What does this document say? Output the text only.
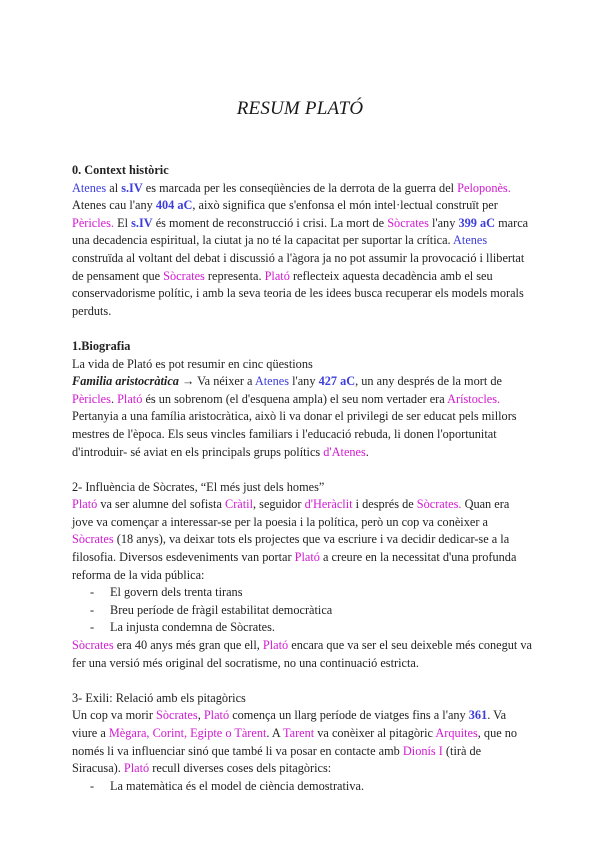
RESUM PLATÓ

0. Context històric

Atenes al s.IV es marcada per les conseqüències de la derrota de la guerra del Peloponès. Atenes cau l'any 404 aC, això significa que s'enfonsa el món intel·lectual construït per Pèricles. El s.IV és moment de reconstrucció i crisi. La mort de Sòcrates l'any 399 aC marca una decadencia espiritual, la ciutat ja no té la capacitat per suportar la crítica. Atenes construïda al voltant del debat i discussió a l'àgora ja no pot assumir la provocació i llibertat de pensament que Sòcrates representa. Plató reflecteix aquesta decadència amb el seu conservadorisme polític, i amb la seva teoria de les idees busca recuperar els models morals perduts.

1.Biografia

La vida de Plató es pot resumir en cinc qüestions

Familia aristocràtica → Va néixer a Atenes l'any 427 aC, un any després de la mort de Pèricles. Plató és un sobrenom (el d'esquena ampla) el seu nom vertader era Arístocles. Pertanyia a una família aristocràtica, això li va donar el privilegi de ser educat pels millors mestres de l'època. Els seus vincles familiars i l'educació rebuda, li donen l'oportunitat d'introduir- sé aviat en els principals grups polítics d'Atenes.

2- Influència de Sòcrates, “El més just dels homes”

Plató va ser alumne del sofista Cràtil, seguidor d'Heràclit i després de Sòcrates. Quan era jove va començar a interessar-se per la poesia i la política, però un cop va conèixer a Sòcrates (18 anys), va deixar tots els projectes que va escriure i va decidir dedicar-se a la filosofia. Diversos esdeveniments van portar Plató a creure en la necessitat d'una profunda reforma de la vida pública:

- El govern dels trenta tirans
- Breu període de fràgil estabilitat democràtica
- La injusta condemna de Sòcrates.

Sòcrates era 40 anys més gran que ell, Plató encara que va ser el seu deixeble més conegut va fer una versió més original del socratisme, no una continuació estricta.

3- Exili: Relació amb els pitagòrics

Un cop va morir Sòcrates, Plató comença un llarg període de viatges fins a l'any 361. Va viure a Mègara, Corint, Egipte o Tàrent. A Tarent va conèixer al pitagòric Arquites, que no només li va influenciar sinó que també li va posar en contacte amb Dionís I (tirà de Siracusa). Plató recull diverses coses dels pitagòrics:

- La matemàtica és el model de ciència demostrativa.
